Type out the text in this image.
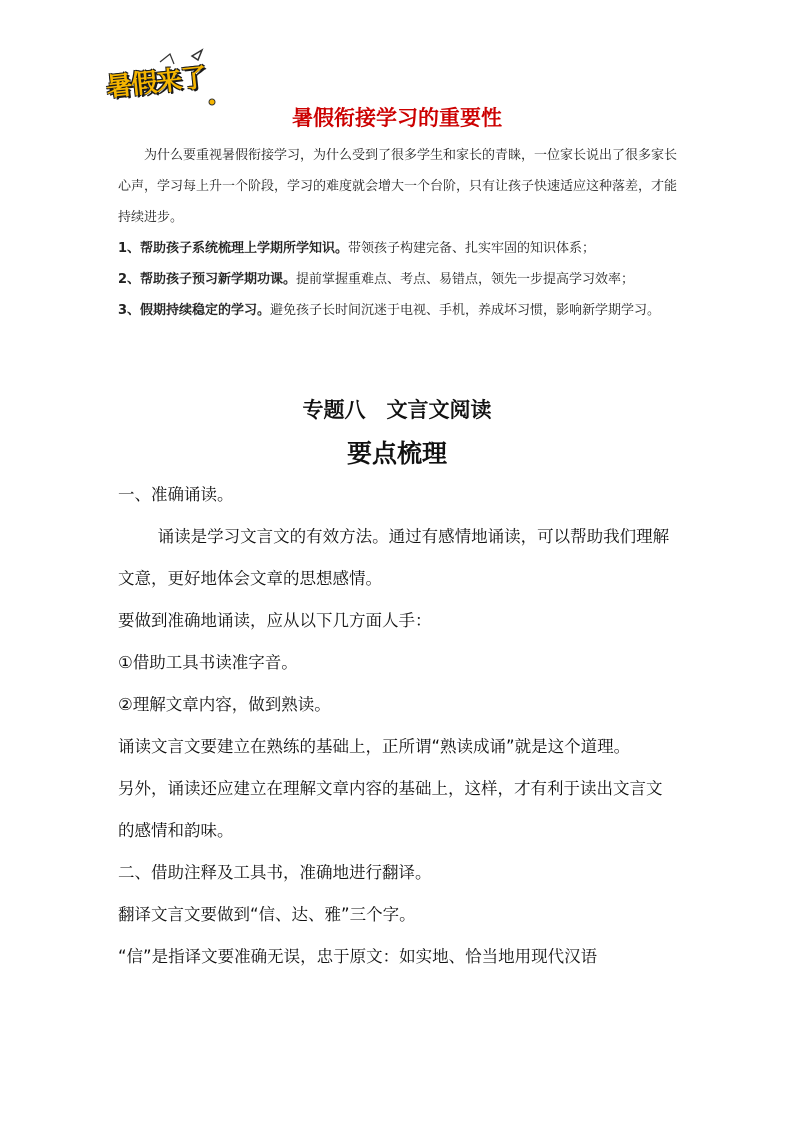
暑假来了
暑假衔接学习的重要性

为什么要重视暑假衔接学习，为什么受到了很多学生和家长的青睐，一位家长说出了很多家长心声，学习每上升一个阶段，学习的难度就会增大一个台阶，只有让孩子快速适应这种落差，才能持续进步。

1、帮助孩子系统梳理上学期所学知识。带领孩子构建完备、扎实牢固的知识体系；

2、帮助孩子预习新学期功课。提前掌握重难点、考点、易错点，领先一步提高学习效率；

3、假期持续稳定的学习。避免孩子长时间沉迷于电视、手机，养成坏习惯，影响新学期学习。

专题八　文言文阅读
要点梳理

一、准确诵读。

诵读是学习文言文的有效方法。通过有感情地诵读，可以帮助我们理解文意，更好地体会文章的思想感情。

要做到准确地诵读，应从以下几方面人手：

①借助工具书读准字音。

②理解文章内容，做到熟读。

诵读文言文要建立在熟练的基础上，正所谓“熟读成诵”就是这个道理。

另外，诵读还应建立在理解文章内容的基础上，这样，才有利于读出文言文的感情和韵味。

二、借助注释及工具书，准确地进行翻译。

翻译文言文要做到“信、达、雅”三个字。

“信”是指译文要准确无误，忠于原文：如实地、恰当地用现代汉语
